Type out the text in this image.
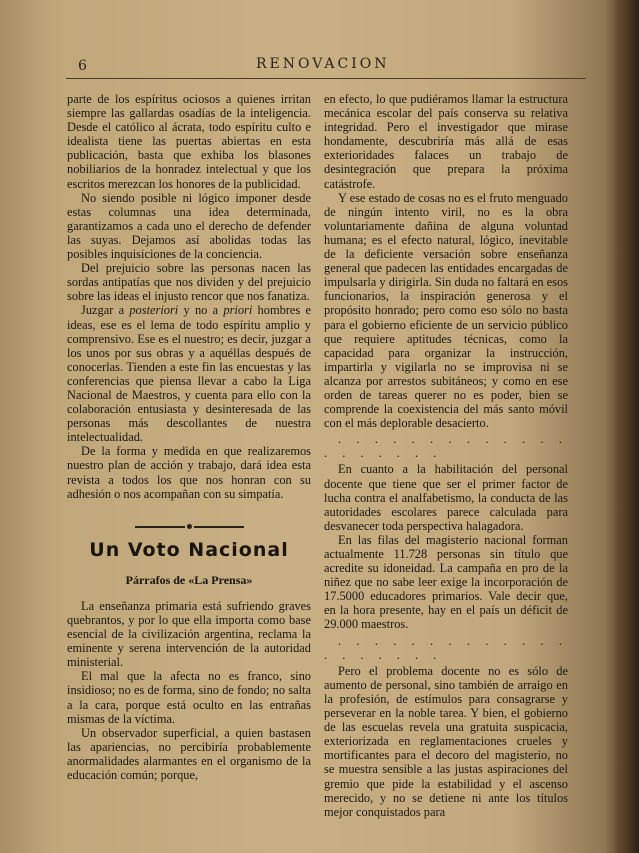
6	RENOVACION

parte de los espíritus ociosos a quienes irritan siempre las gallardas osadías de la inteligencia. Desde el católico al ácrata, todo espíritu culto e idealista tiene las puertas abiertas en esta publicación, basta que exhiba los blasones nobiliarios de la honradez intelectual y que los escritos merezcan los honores de la publicidad.

No siendo posible ni lógico imponer desde estas columnas una idea determinada, garantizamos a cada uno el derecho de defender las suyas. Dejamos así abolidas todas las posibles inquisiciones de la conciencia.

Del prejuicio sobre las personas nacen las sordas antipatías que nos dividen y del prejuicio sobre las ideas el injusto rencor que nos fanatiza.

Juzgar a posteriori y no a priori hombres e ideas, ese es el lema de todo espíritu amplio y comprensivo. Ese es el nuestro; es decir, juzgar a los unos por sus obras y a aquéllas después de conocerlas. Tienden a este fin las encuestas y las conferencias que piensa llevar a cabo la Liga Nacional de Maestros, y cuenta para ello con la colaboración entusiasta y desinteresada de las personas más descollantes de nuestra intelectualidad.

De la forma y medida en que realizaremos nuestro plan de acción y trabajo, dará idea esta revista a todos los que nos honran con su adhesión o nos acompañan con su simpatía.

Un Voto Nacional
Párrafos de «La Prensa»

La enseñanza primaria está sufriendo graves quebrantos, y por lo que ella importa como base esencial de la civilización argentina, reclama la eminente y serena intervención de la autoridad ministerial.

El mal que la afecta no es franco, sino insidioso; no es de forma, sino de fondo; no salta a la cara, porque está oculto en las entrañas mismas de la víctima.

Un observador superficial, a quien bastasen las apariencias, no percibiría probablemente anormalidades alarmantes en el organismo de la educación común; porque,

en efecto, lo que pudiéramos llamar la estructura mecánica escolar del país conserva su relativa integridad. Pero el investigador que mirase hondamente, descubriría más allá de esas exterioridades falaces un trabajo de desintegración que prepara la próxima catástrofe.

Y ese estado de cosas no es el fruto menguado de ningún intento viril, no es la obra voluntariamente dañina de alguna voluntad humana; es el efecto natural, lógico, inevitable de la deficiente versación sobre enseñanza general que padecen las entidades encargadas de impulsarla y dirigirla. Sin duda no faltará en esos funcionarios, la inspiración generosa y el propósito honrado; pero como eso sólo no basta para el gobierno eficiente de un servicio público que requiere aptitudes técnicas, como la capacidad para organizar la instrucción, impartirla y vigilarla no se improvisa ni se alcanza por arrestos subitáneos; y como en ese orden de tareas querer no es poder, bien se comprende la coexistencia del más santo móvil con el más deplorable desacierto.

. . . . . . . . . . . . . . . . . . . .

En cuanto a la habilitación del personal docente que tiene que ser el primer factor de lucha contra el analfabetismo, la conducta de las autoridades escolares parece calculada para desvanecer toda perspectiva halagadora.

En las filas del magisterio nacional forman actualmente 11.728 personas sin título que acredite su idoneidad. La campaña en pro de la niñez que no sabe leer exige la incorporación de 17.5000 educadores primarios. Vale decir que, en la hora presente, hay en el país un déficit de 29.000 maestros.

. . . . . . . . . . . . . . . . . . . .

Pero el problema docente no es sólo de aumento de personal, sino también de arraigo en la profesión, de estímulos para consagrarse y perseverar en la noble tarea. Y bien, el gobierno de las escuelas revela una gratuita suspicacia, exteriorizada en reglamentaciones crueles y mortificantes para el decoro del magisterio, no se muestra sensible a las justas aspiraciones del gremio que pide la estabilidad y el ascenso merecido, y no se detiene ni ante los títulos mejor conquistados para
